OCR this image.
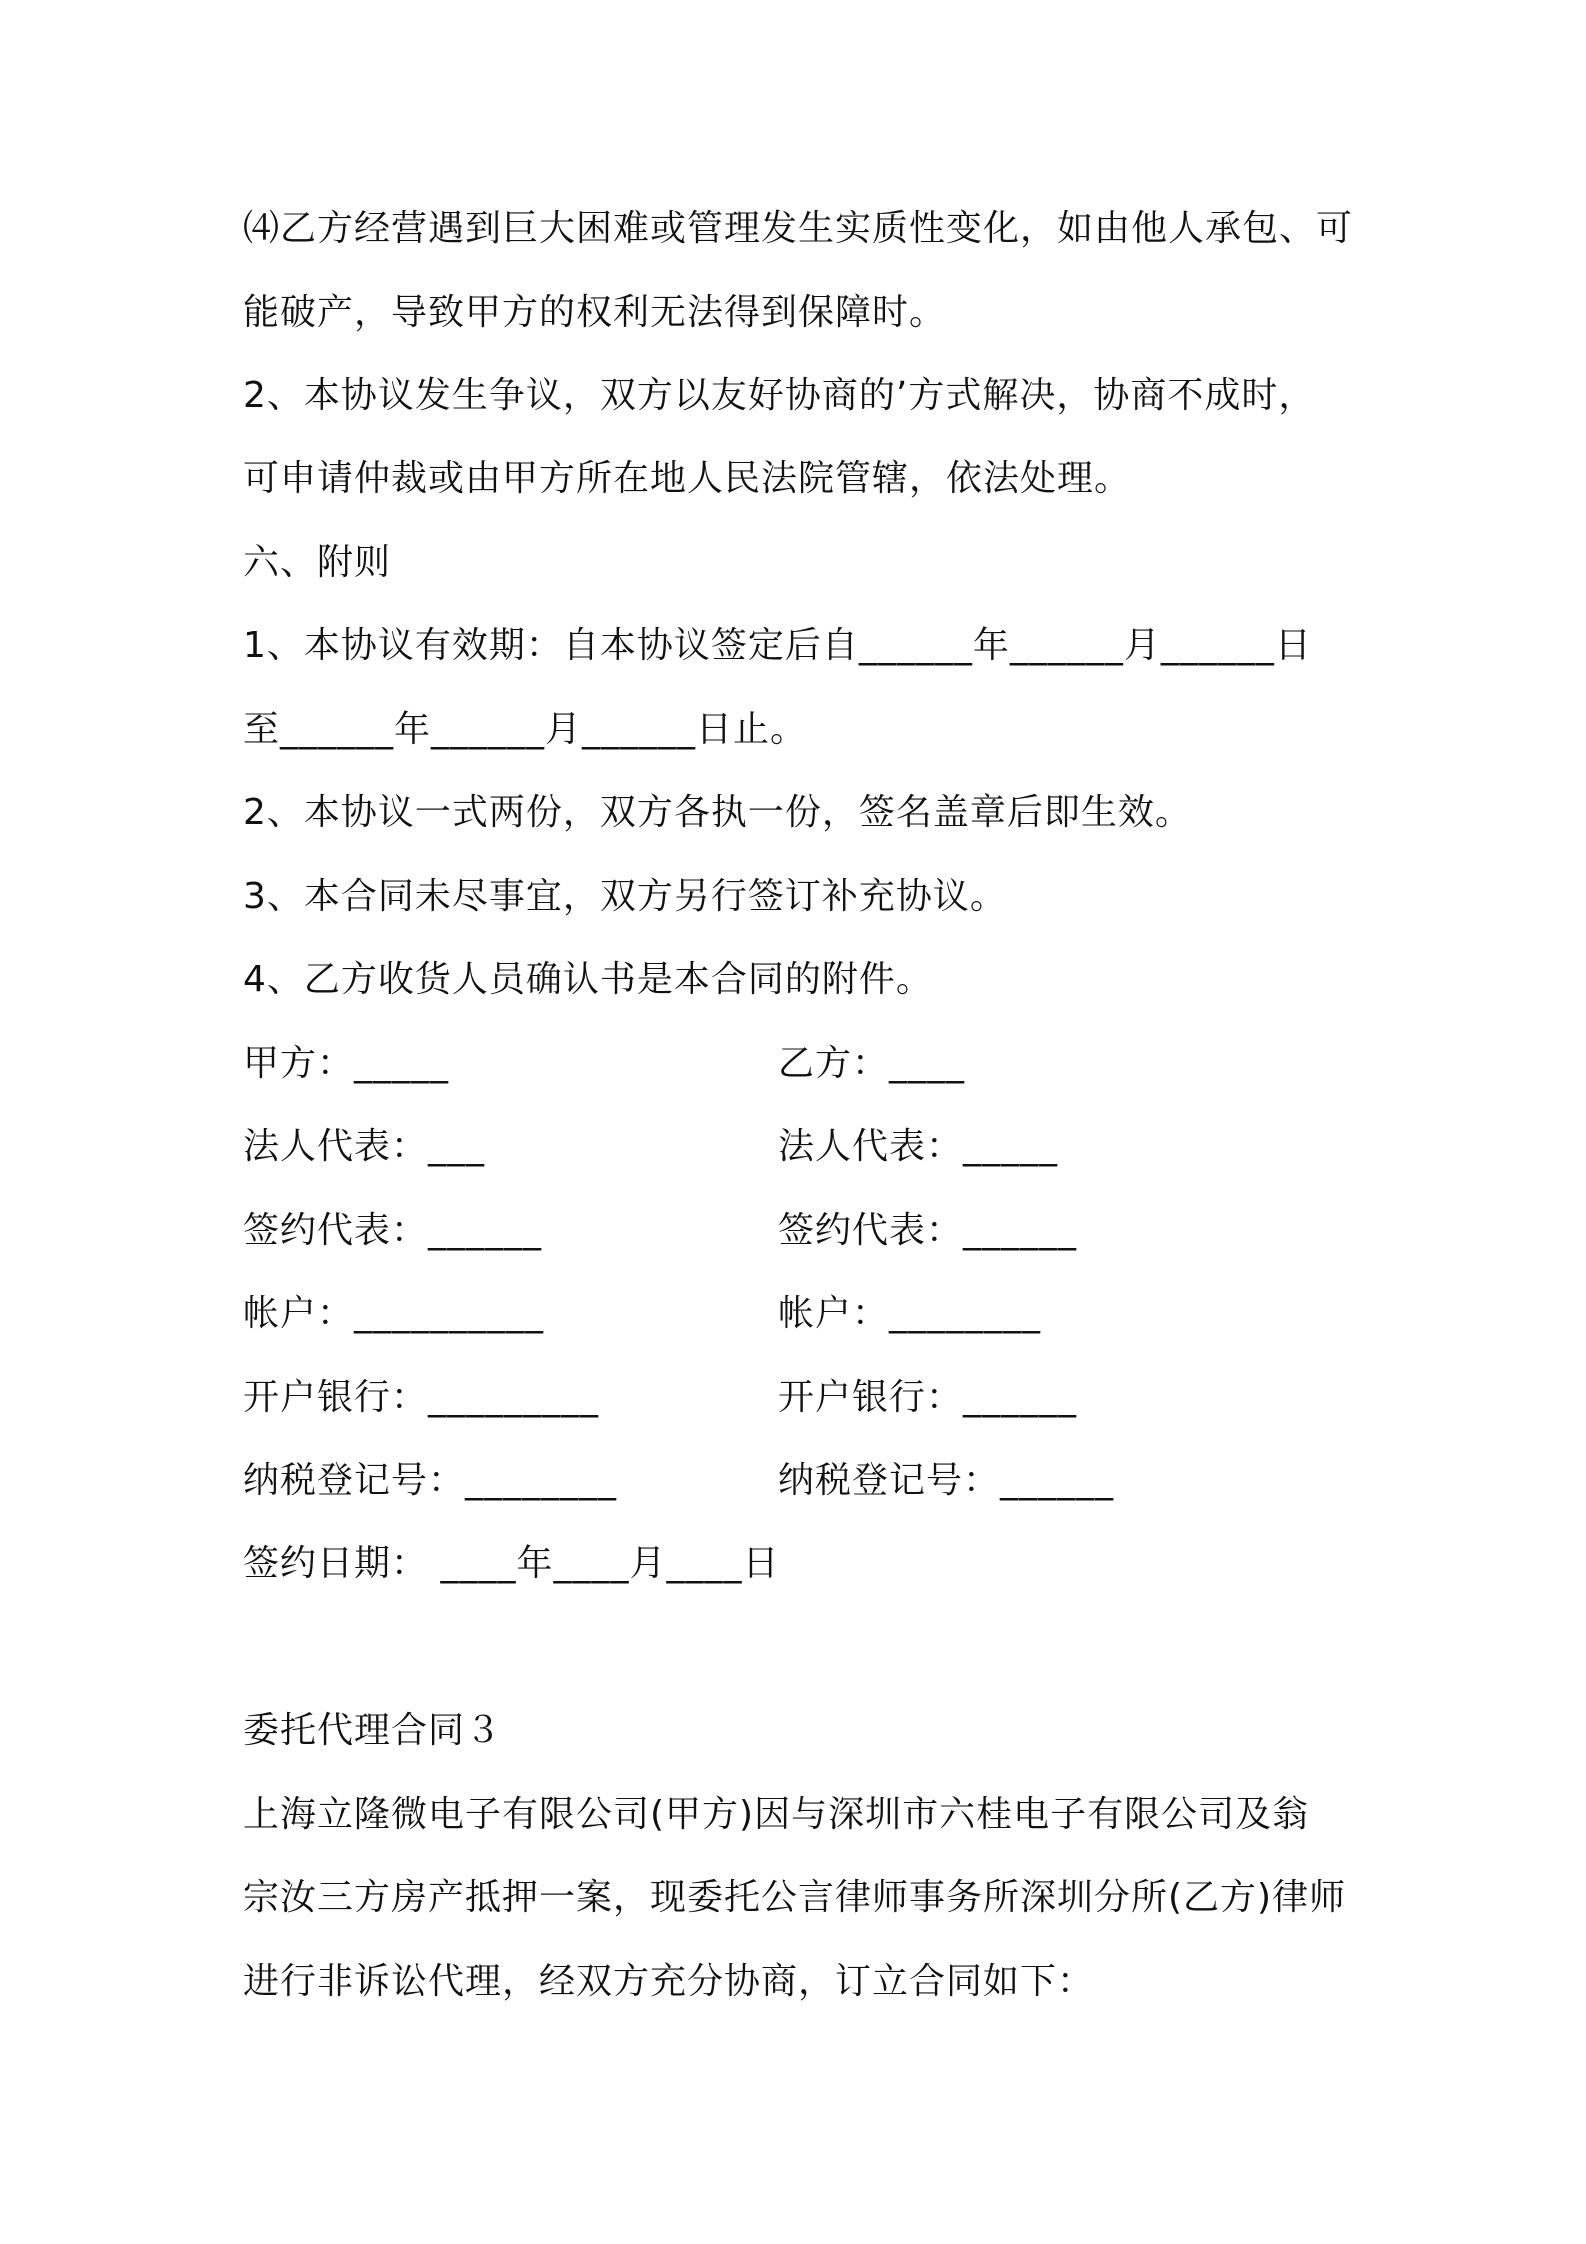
⑷乙方经营遇到巨大困难或管理发生实质性变化，如由他人承包、可
能破产，导致甲方的权利无法得到保障时。
2、本协议发生争议，双方以友好协商的’方式解决，协商不成时，
可申请仲裁或由甲方所在地人民法院管辖，依法处理。
六、附则
1、本协议有效期：自本协议签定后自______年______月______日
至______年______月______日止。
2、本协议一式两份，双方各执一份，签名盖章后即生效。
3、本合同未尽事宜，双方另行签订补充协议。
4、乙方收货人员确认书是本合同的附件。
甲方：_____	乙方：____
法人代表：___	法人代表：_____
签约代表：______	签约代表：______
帐户：__________	帐户：________
开户银行：_________	开户银行：______
纳税登记号：________	纳税登记号：______
签约日期： ____年____月____日
委托代理合同３
上海立隆微电子有限公司(甲方)因与深圳市六桂电子有限公司及翁
宗汝三方房产抵押一案，现委托公言律师事务所深圳分所(乙方)律师
进行非诉讼代理，经双方充分协商，订立合同如下：
